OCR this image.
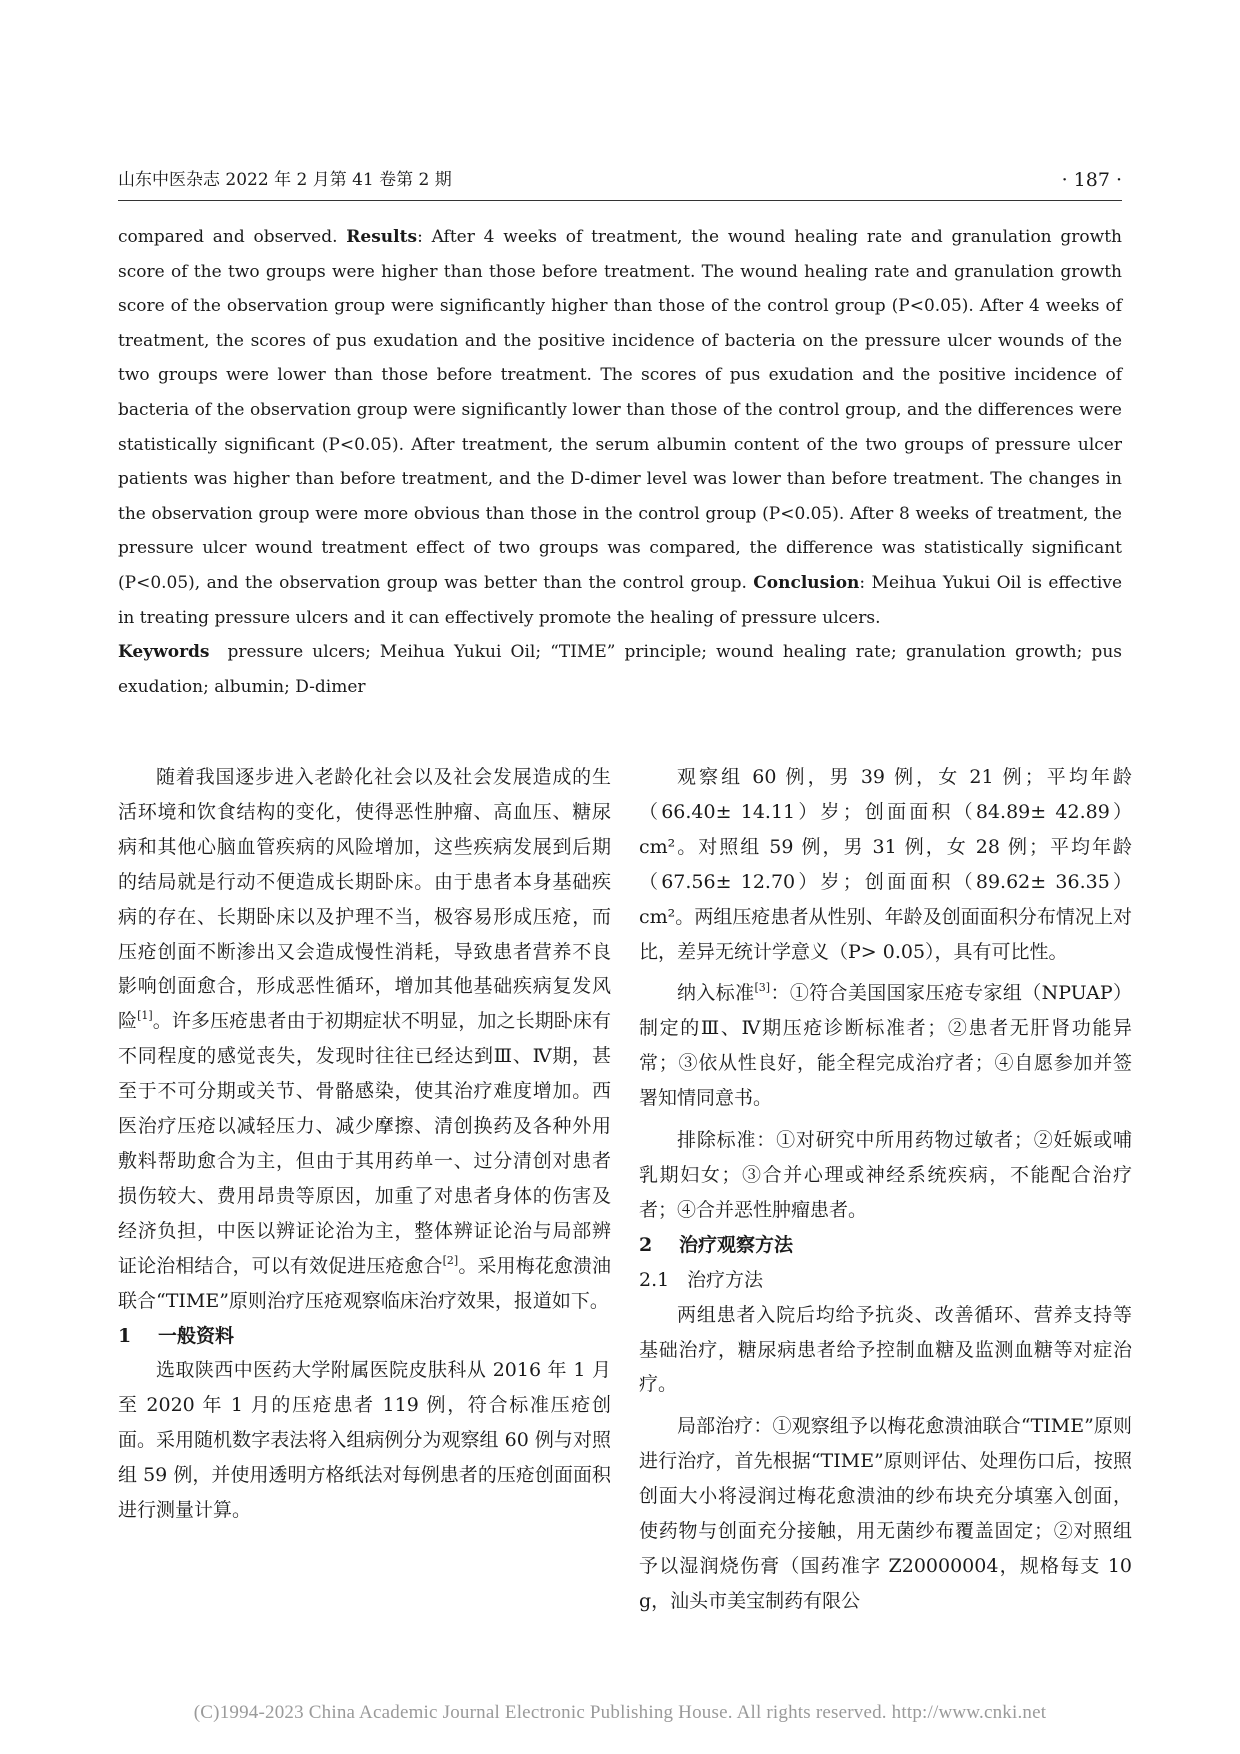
山东中医杂志 2022 年 2 月第 41 卷第 2 期	· 187 ·

compared and observed. Results: After 4 weeks of treatment, the wound healing rate and granulation growth score of the two groups were higher than those before treatment. The wound healing rate and granulation growth score of the observation group were significantly higher than those of the control group (P<0.05). After 4 weeks of treatment, the scores of pus exudation and the positive incidence of bacteria on the pressure ulcer wounds of the two groups were lower than those before treatment. The scores of pus exudation and the positive incidence of bacteria of the observation group were significantly lower than those of the control group, and the differences were statistically significant (P<0.05). After treatment, the serum albumin content of the two groups of pressure ulcer patients was higher than before treatment, and the D-dimer level was lower than before treatment. The changes in the observation group were more obvious than those in the control group (P<0.05). After 8 weeks of treatment, the pressure ulcer wound treatment effect of two groups was compared, the difference was statistically significant (P<0.05), and the observation group was better than the control group. Conclusion: Meihua Yukui Oil is effective in treating pressure ulcers and it can effectively promote the healing of pressure ulcers.

Keywords pressure ulcers; Meihua Yukui Oil; “TIME” principle; wound healing rate; granulation growth; pus exudation; albumin; D-dimer

随着我国逐步进入老龄化社会以及社会发展造成的生活环境和饮食结构的变化，使得恶性肿瘤、高血压、糖尿病和其他心脑血管疾病的风险增加，这些疾病发展到后期的结局就是行动不便造成长期卧床。由于患者本身基础疾病的存在、长期卧床以及护理不当，极容易形成压疮，而压疮创面不断渗出又会造成慢性消耗，导致患者营养不良影响创面愈合，形成恶性循环，增加其他基础疾病复发风险[1]。许多压疮患者由于初期症状不明显，加之长期卧床有不同程度的感觉丧失，发现时往往已经达到Ⅲ、Ⅳ期，甚至于不可分期或关节、骨骼感染，使其治疗难度增加。西医治疗压疮以减轻压力、减少摩擦、清创换药及各种外用敷料帮助愈合为主，但由于其用药单一、过分清创对患者损伤较大、费用昂贵等原因，加重了对患者身体的伤害及经济负担，中医以辨证论治为主，整体辨证论治与局部辨证论治相结合，可以有效促进压疮愈合[2]。采用梅花愈溃油联合“TIME”原则治疗压疮观察临床治疗效果，报道如下。

1 一般资料

选取陕西中医药大学附属医院皮肤科从 2016 年 1 月至 2020 年 1 月的压疮患者 119 例，符合标准压疮创面。采用随机数字表法将入组病例分为观察组 60 例与对照组 59 例，并使用透明方格纸法对每例患者的压疮创面面积进行测量计算。

观察组 60 例，男 39 例，女 21 例；平均年龄（66.40± 14.11）岁；创面面积（84.89± 42.89）cm²。对照组 59 例，男 31 例，女 28 例；平均年龄（67.56± 12.70）岁；创面面积（89.62± 36.35）cm²。两组压疮患者从性别、年龄及创面面积分布情况上对比，差异无统计学意义（P> 0.05），具有可比性。

纳入标准[3]：①符合美国国家压疮专家组（NPUAP）制定的Ⅲ、Ⅳ期压疮诊断标准者；②患者无肝肾功能异常；③依从性良好，能全程完成治疗者；④自愿参加并签署知情同意书。

排除标准：①对研究中所用药物过敏者；②妊娠或哺乳期妇女；③合并心理或神经系统疾病，不能配合治疗者；④合并恶性肿瘤患者。

2 治疗观察方法

2.1 治疗方法

两组患者入院后均给予抗炎、改善循环、营养支持等基础治疗，糖尿病患者给予控制血糖及监测血糖等对症治疗。

局部治疗：①观察组予以梅花愈溃油联合“TIME”原则进行治疗，首先根据“TIME”原则评估、处理伤口后，按照创面大小将浸润过梅花愈溃油的纱布块充分填塞入创面，使药物与创面充分接触，用无菌纱布覆盖固定；②对照组予以湿润烧伤膏（国药准字 Z20000004，规格每支 10 g，汕头市美宝制药有限公

(C)1994-2023 China Academic Journal Electronic Publishing House. All rights reserved. http://www.cnki.net
